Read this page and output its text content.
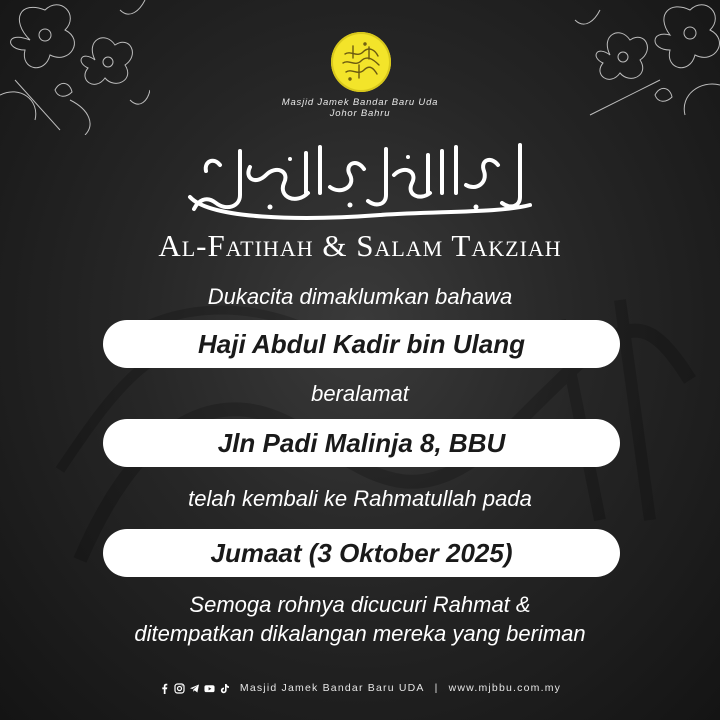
Masjid Jamek Bandar Baru Uda
Johor Bahru
Al-Fatihah & Salam Takziah
Dukacita dimaklumkan bahawa
Haji Abdul Kadir bin Ulang
beralamat
Jln Padi Malinja 8, BBU
telah kembali ke Rahmatullah pada
Jumaat (3 Oktober 2025)
Semoga rohnya dicucuri Rahmat &
ditempatkan dikalangan mereka yang beriman
Masjid Jamek Bandar Baru UDA | www.mjbbu.com.my
